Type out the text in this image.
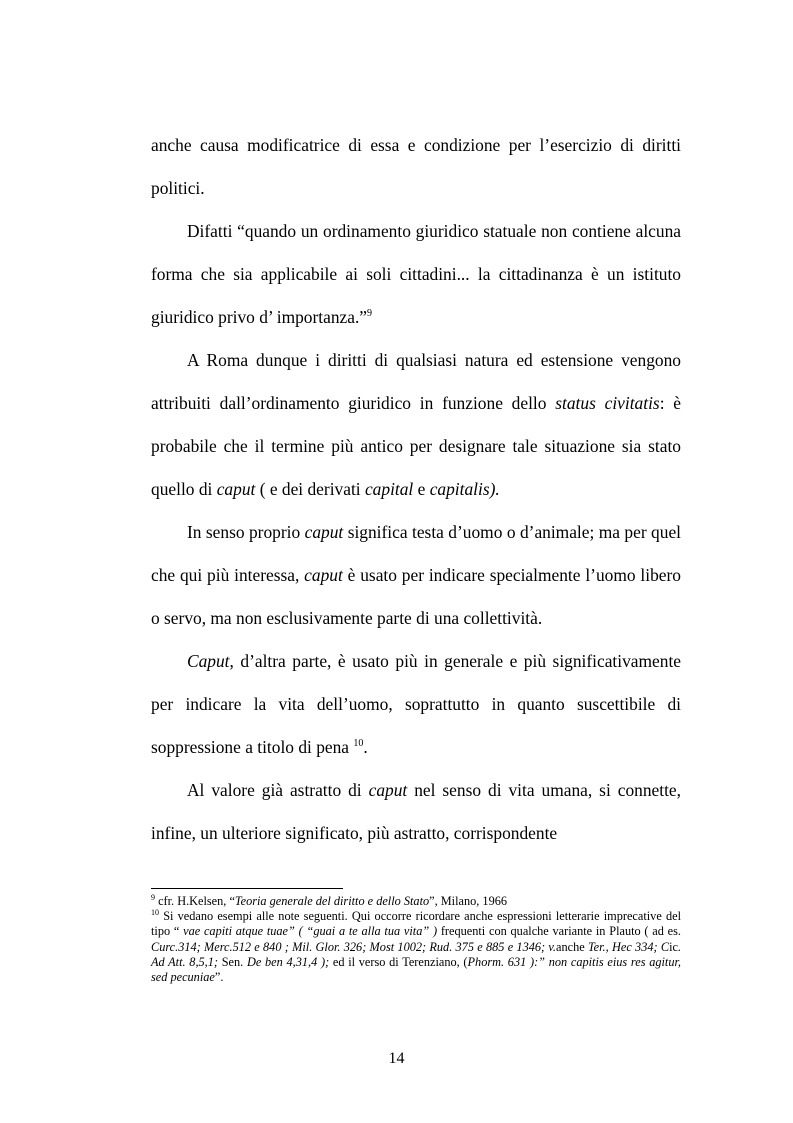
anche causa modificatrice di essa e condizione per l’esercizio di diritti politici.

Difatti “quando un ordinamento giuridico statuale non contiene alcuna forma che sia applicabile ai soli cittadini... la cittadinanza è un istituto giuridico privo d’ importanza.”$^9$

A Roma dunque i diritti di qualsiasi natura ed estensione vengono attribuiti dall’ordinamento giuridico in funzione dello status civitatis: è probabile che il termine più antico per designare tale situazione sia stato quello di caput ( e dei derivati capital e capitalis).

In senso proprio caput significa testa d’uomo o d’animale; ma per quel che qui più interessa, caput è usato per indicare specialmente l’uomo libero o servo, ma non esclusivamente parte di una collettività.

Caput, d’altra parte, è usato più in generale e più significativamente per indicare la vita dell’uomo, soprattutto in quanto suscettibile di soppressione a titolo di pena $^{10}$.

Al valore già astratto di caput nel senso di vita umana, si connette, infine, un ulteriore significato, più astratto, corrispondente

$^9$ cfr. H.Kelsen, “Teoria generale del diritto e dello Stato”, Milano, 1966

$^{10}$ Si vedano esempi alle note seguenti. Qui occorre ricordare anche espressioni letterarie imprecative del tipo “ vae capiti atque tuae” ( “guai a te alla tua vita” ) frequenti con qualche variante in Plauto ( ad es. Curc.314; Merc.512 e 840 ; Mil. Glor. 326; Most 1002; Rud. 375 e 885 e 1346; v.anche Ter., Hec 334; Cic. Ad Att. 8,5,1; Sen. De ben 4,31,4 ); ed il verso di Terenziano, (Phorm. 631 ):” non capitis eius res agitur, sed pecuniae”.

14
